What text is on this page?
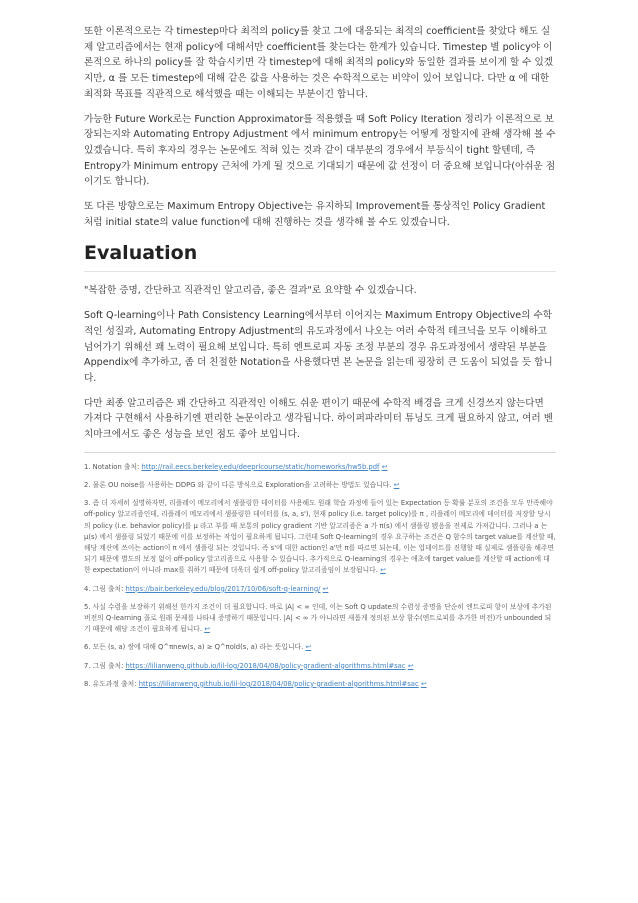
또한 이론적으로는 각 timestep마다 최적의 policy를 찾고 그에 대응되는 최적의 coefficient를 찾았다 해도 실제 알고리즘에서는 현재 policy에 대해서만 coefficient를 찾는다는 한계가 있습니다. Timestep 별 policy야 이론적으로 하나의 policy를 잘 학습시키면 각 timestep에 대해 최적의 policy와 동일한 결과를 보이게 할 수 있겠지만, α 를 모든 timestep에 대해 같은 값을 사용하는 것은 수학적으로는 비약이 있어 보입니다. 다만 α 에 대한 최적화 목표를 직관적으로 해석했을 때는 이해되는 부분이긴 합니다.

가능한 Future Work로는 Function Approximator를 적용했을 때 Soft Policy Iteration 정리가 이론적으로 보장되는지와 Automating Entropy Adjustment 에서 minimum entropy는 어떻게 정할지에 관해 생각해 볼 수 있겠습니다. 특히 후자의 경우는 논문에도 적혀 있는 것과 같이 대부분의 경우에서 부등식이 tight 할텐데, 즉 Entropy가 Minimum entropy 근처에 가게 될 것으로 기대되기 때문에 값 선정이 더 중요해 보입니다(아쉬운 점이기도 합니다).

또 다른 방향으로는 Maximum Entropy Objective는 유지하되 Improvement를 통상적인 Policy Gradient 처럼 initial state의 value function에 대해 진행하는 것을 생각해 볼 수도 있겠습니다.

Evaluation

"복잡한 증명, 간단하고 직관적인 알고리즘, 좋은 결과"로 요약할 수 있겠습니다.

Soft Q-learning이나 Path Consistency Learning에서부터 이어지는 Maximum Entropy Objective의 수학적인 성질과, Automating Entropy Adjustment의 유도과정에서 나오는 여러 수학적 테크닉을 모두 이해하고 넘어가기 위해선 꽤 노력이 필요해 보입니다. 특히 엔트로피 자동 조정 부분의 경우 유도과정에서 생략된 부분을 Appendix에 추가하고, 좀 더 친절한 Notation을 사용했다면 본 논문을 읽는데 굉장히 큰 도움이 되었을 듯 합니다.

다만 최종 알고리즘은 꽤 간단하고 직관적인 이해도 쉬운 편이기 때문에 수학적 배경을 크게 신경쓰지 않는다면 가져다 구현해서 사용하기엔 편리한 논문이라고 생각됩니다. 하이퍼파라미터 튜닝도 크게 필요하지 않고, 여러 벤치마크에서도 좋은 성능을 보인 점도 좋아 보입니다.

1. Notation 출처: http://rail.eecs.berkeley.edu/deeprlcourse/static/homeworks/hw5b.pdf ↩

2. 물론 OU noise를 사용하는 DDPG 와 같이 다른 방식으로 Exploration을 고려하는 방법도 있습니다. ↩

3. 좀 더 자세히 설명하자면, 리플레이 메모리에서 샘플링한 데이터를 사용해도 원래 학습 과정에 들어 있는 Expectation 등 확률 분포의 조건을 모두 만족해야 off-policy 알고리즘인데, 리플레이 메모리에서 샘플링한 데이터를 (s, a, s'), 현재 policy (i.e. target policy)를 π , 리플레이 메모리에 데이터를 저장할 당시의 policy (i.e. behavior policy)를 μ 라고 부를 때 보통의 policy gradient 기반 알고리즘은 a 가 π(s) 에서 샘플링 됐음을 전제로 가져갑니다. 그러나 a 는 μ(s) 에서 샘플링 되었기 때문에 이를 보정하는 작업이 필요하게 됩니다. 그런데 Soft Q-learning의 경우 요구하는 조건은 Q 함수의 target value를 계산할 때, 해당 계산에 쓰이는 action이 π 에서 샘플링 되는 것입니다. 즉 s'에 대한 action인 a'만 π를 따르면 되는데, 이는 업데이트를 진행할 때 실제로 샘플링을 해주면 되기 때문에 별도의 보정 없이 off-policy 알고리즘으로 사용할 수 있습니다. 추가적으로 Q-learning의 경우는 애초에 target value를 계산할 때 action에 대한 expectation이 아니라 max를 취하기 때문에 더욱더 쉽게 off-policy 알고리즘임이 보장됩니다. ↩

4. 그림 출처: https://bair.berkeley.edu/blog/2017/10/06/soft-q-learning/ ↩

5. 사실 수렴을 보장하기 위해선 한가지 조건이 더 필요합니다. 바로 |A| < ∞ 인데, 이는 Soft Q update의 수렴성 증명을 단순히 엔트로피 항이 보상에 추가된 버전의 Q-learning 꼴로 원래 문제를 나타내 증명하기 때문입니다. |A| < ∞ 가 아니라면 새롭게 정의된 보상 함수(엔트로피를 추가한 버전)가 unbounded 되기 때문에 해당 조건이 필요하게 됩니다. ↩

6. 모든 (s, a) 쌍에 대해 Q^πnew(s, a) ≥ Q^πold(s, a) 라는 뜻입니다. ↩

7. 그림 출처: https://lilianweng.github.io/lil-log/2018/04/08/policy-gradient-algorithms.html#sac ↩

8. 유도과정 출처: https://lilianweng.github.io/lil-log/2018/04/08/policy-gradient-algorithms.html#sac ↩
